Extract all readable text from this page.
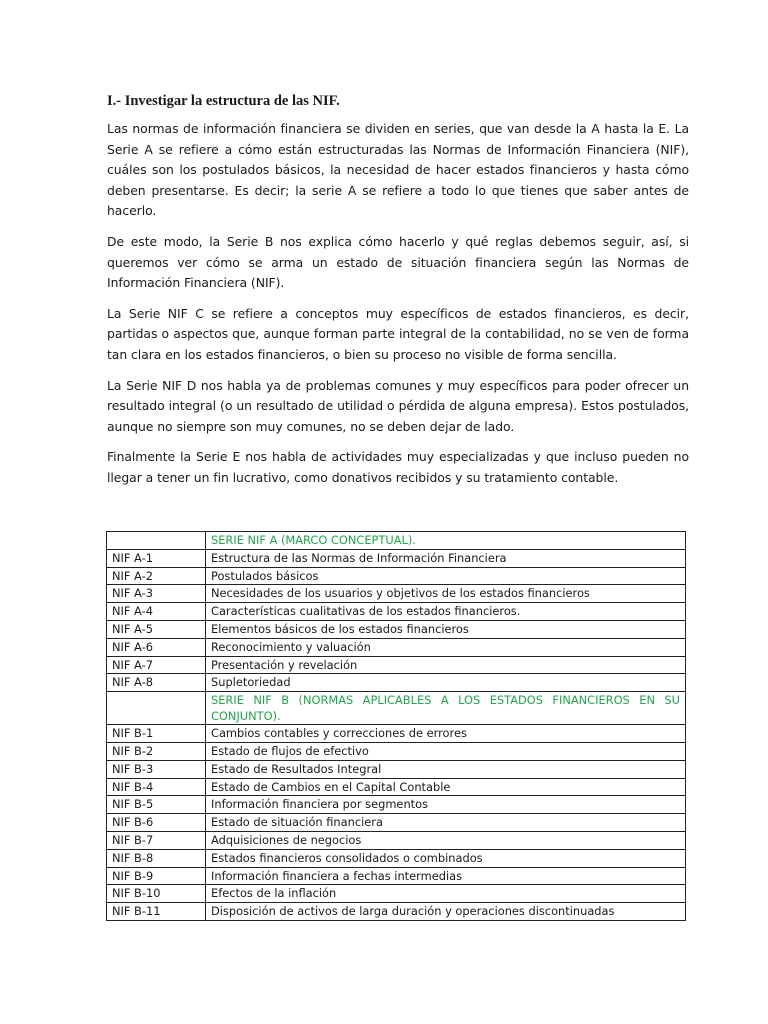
I.- Investigar la estructura de las NIF.

Las normas de información financiera se dividen en series, que van desde la A hasta la E. La Serie A se refiere a cómo están estructuradas las Normas de Información Financiera (NIF), cuáles son los postulados básicos, la necesidad de hacer estados financieros y hasta cómo deben presentarse. Es decir; la serie A se refiere a todo lo que tienes que saber antes de hacerlo.

De este modo, la Serie B nos explica cómo hacerlo y qué reglas debemos seguir, así, si queremos ver cómo se arma un estado de situación financiera según las Normas de Información Financiera (NIF).

La Serie NIF C se refiere a conceptos muy específicos de estados financieros, es decir, partidas o aspectos que, aunque forman parte integral de la contabilidad, no se ven de forma tan clara en los estados financieros, o bien su proceso no visible de forma sencilla.

La Serie NIF D nos habla ya de problemas comunes y muy específicos para poder ofrecer un resultado integral (o un resultado de utilidad o pérdida de alguna empresa). Estos postulados, aunque no siempre son muy comunes, no se deben dejar de lado.

Finalmente la Serie E nos habla de actividades muy especializadas y que incluso pueden no llegar a tener un fin lucrativo, como donativos recibidos y su tratamiento contable.

	SERIE NIF A (MARCO CONCEPTUAL).
NIF A-1	Estructura de las Normas de Información Financiera
NIF A-2	Postulados básicos
NIF A-3	Necesidades de los usuarios y objetivos de los estados financieros
NIF A-4	Características cualitativas de los estados financieros.
NIF A-5	Elementos básicos de los estados financieros
NIF A-6	Reconocimiento y valuación
NIF A-7	Presentación y revelación
NIF A-8	Supletoriedad
	SERIE NIF B (NORMAS APLICABLES A LOS ESTADOS FINANCIEROS EN SU CONJUNTO).
NIF B-1	Cambios contables y correcciones de errores
NIF B-2	Estado de flujos de efectivo
NIF B-3	Estado de Resultados Integral
NIF B-4	Estado de Cambios en el Capital Contable
NIF B-5	Información financiera por segmentos
NIF B-6	Estado de situación financiera
NIF B-7	Adquisiciones de negocios
NIF B-8	Estados financieros consolidados o combinados
NIF B-9	Información financiera a fechas intermedias
NIF B-10	Efectos de la inflación
NIF B-11	Disposición de activos de larga duración y operaciones discontinuadas
